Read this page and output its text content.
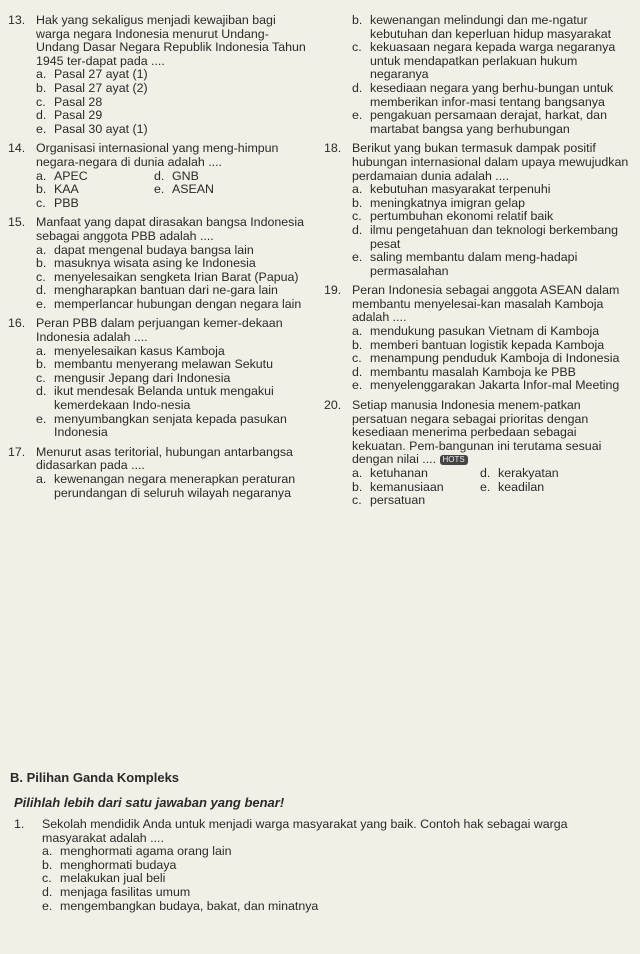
13. Hak yang sekaligus menjadi kewajiban bagi warga negara Indonesia menurut Undang-Undang Dasar Negara Republik Indonesia Tahun 1945 ter-dapat pada ....
a. Pasal 27 ayat (1)
b. Pasal 27 ayat (2)
c. Pasal 28
d. Pasal 29
e. Pasal 30 ayat (1)
14. Organisasi internasional yang meng-himpun negara-negara di dunia adalah ....
a. APEC	d. GNB
b. KAA	e. ASEAN
c. PBB
15. Manfaat yang dapat dirasakan bangsa Indonesia sebagai anggota PBB adalah ....
a. dapat mengenal budaya bangsa lain
b. masuknya wisata asing ke Indonesia
c. menyelesaikan sengketa Irian Barat (Papua)
d. mengharapkan bantuan dari ne-gara lain
e. memperlancar hubungan dengan negara lain
16. Peran PBB dalam perjuangan kemer-dekaan Indonesia adalah ....
a. menyelesaikan kasus Kamboja
b. membantu menyerang melawan Sekutu
c. mengusir Jepang dari Indonesia
d. ikut mendesak Belanda untuk mengakui kemerdekaan Indo-nesia
e. menyumbangkan senjata kepada pasukan Indonesia
17. Menurut asas teritorial, hubungan antarbangsa didasarkan pada ....
a. kewenangan negara menerapkan peraturan perundangan di seluruh wilayah negaranya
b. kewenangan melindungi dan me-ngatur kebutuhan dan keperluan hidup masyarakat
c. kekuasaan negara kepada warga negaranya untuk mendapatkan perlakuan hukum negaranya
d. kesediaan negara yang berhu-bungan untuk memberikan infor-masi tentang bangsanya
e. pengakuan persamaan derajat, harkat, dan martabat bangsa yang berhubungan
18. Berikut yang bukan termasuk dampak positif hubungan internasional dalam upaya mewujudkan perdamaian dunia adalah ....
a. kebutuhan masyarakat terpenuhi
b. meningkatnya imigran gelap
c. pertumbuhan ekonomi relatif baik
d. ilmu pengetahuan dan teknologi berkembang pesat
e. saling membantu dalam meng-hadapi permasalahan
19. Peran Indonesia sebagai anggota ASEAN dalam membantu menyelesai-kan masalah Kamboja adalah ....
a. mendukung pasukan Vietnam di Kamboja
b. memberi bantuan logistik kepada Kamboja
c. menampung penduduk Kamboja di Indonesia
d. membantu masalah Kamboja ke PBB
e. menyelenggarakan Jakarta Infor-mal Meeting
20. Setiap manusia Indonesia menem-patkan persatuan negara sebagai prioritas dengan kesediaan menerima perbedaan sebagai kekuatan. Pem-bangunan ini terutama sesuai dengan nilai .... HOTS
a. ketuhanan	d. kerakyatan
b. kemanusiaan	e. keadilan
c. persatuan
B. Pilihan Ganda Kompleks
Pilihlah lebih dari satu jawaban yang benar!
1. Sekolah mendidik Anda untuk menjadi warga masyarakat yang baik. Contoh hak sebagai warga masyarakat adalah ....
a. menghormati agama orang lain
b. menghormati budaya
c. melakukan jual beli
d. menjaga fasilitas umum
e. mengembangkan budaya, bakat, dan minatnya
